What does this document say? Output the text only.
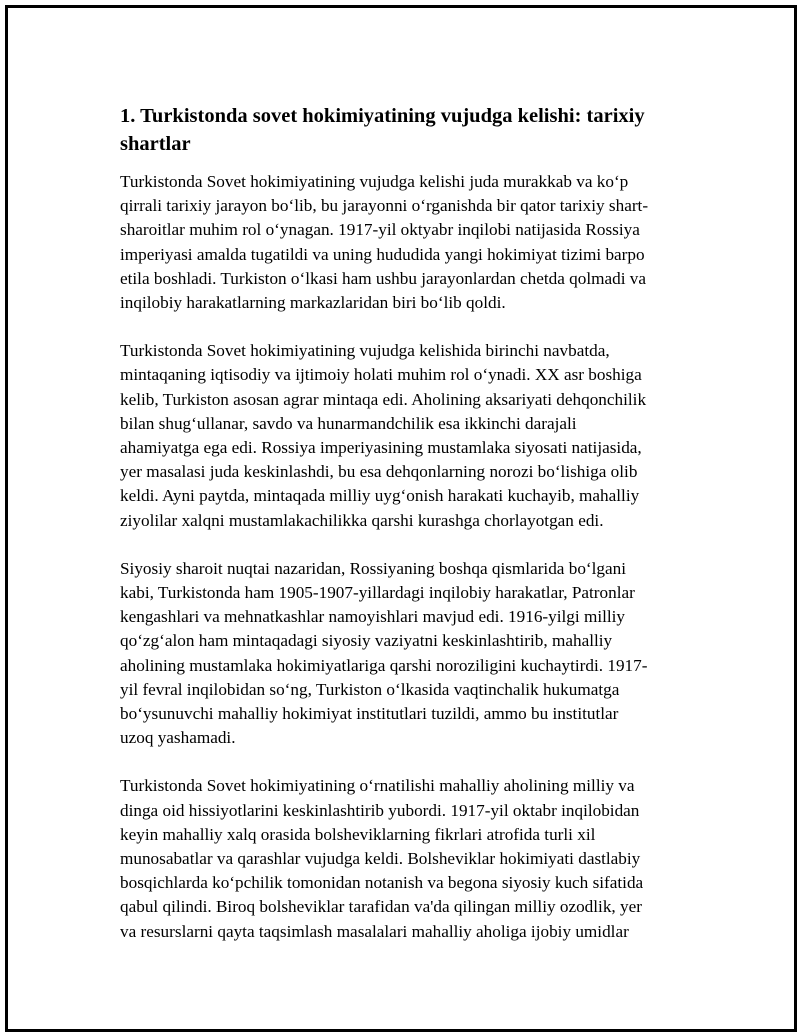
1. Turkistonda sovet hokimiyatining vujudga kelishi: tarixiy
shartlar

Turkistonda Sovet hokimiyatining vujudga kelishi juda murakkab va ko‘p
qirrali tarixiy jarayon bo‘lib, bu jarayonni o‘rganishda bir qator tarixiy shart-
sharoitlar muhim rol o‘ynagan. 1917-yil oktyabr inqilobi natijasida Rossiya
imperiyasi amalda tugatildi va uning hududida yangi hokimiyat tizimi barpo
etila boshladi. Turkiston o‘lkasi ham ushbu jarayonlardan chetda qolmadi va
inqilobiy harakatlarning markazlaridan biri bo‘lib qoldi.

Turkistonda Sovet hokimiyatining vujudga kelishida birinchi navbatda,
mintaqaning iqtisodiy va ijtimoiy holati muhim rol o‘ynadi. XX asr boshiga
kelib, Turkiston asosan agrar mintaqa edi. Aholining aksariyati dehqonchilik
bilan shug‘ullanar, savdo va hunarmandchilik esa ikkinchi darajali
ahamiyatga ega edi. Rossiya imperiyasining mustamlaka siyosati natijasida,
yer masalasi juda keskinlashdi, bu esa dehqonlarning norozi bo‘lishiga olib
keldi. Ayni paytda, mintaqada milliy uyg‘onish harakati kuchayib, mahalliy
ziyolilar xalqni mustamlakachilikka qarshi kurashga chorlayotgan edi.

Siyosiy sharoit nuqtai nazaridan, Rossiyaning boshqa qismlarida bo‘lgani
kabi, Turkistonda ham 1905-1907-yillardagi inqilobiy harakatlar, Patronlar
kengashlari va mehnatkashlar namoyishlari mavjud edi. 1916-yilgi milliy
qo‘zg‘alon ham mintaqadagi siyosiy vaziyatni keskinlashtirib, mahalliy
aholining mustamlaka hokimiyatlariga qarshi noroziligini kuchaytirdi. 1917-
yil fevral inqilobidan so‘ng, Turkiston o‘lkasida vaqtinchalik hukumatga
bo‘ysunuvchi mahalliy hokimiyat institutlari tuzildi, ammo bu institutlar
uzoq yashamadi.

Turkistonda Sovet hokimiyatining o‘rnatilishi mahalliy aholining milliy va
dinga oid hissiyotlarini keskinlashtirib yubordi. 1917-yil oktabr inqilobidan
keyin mahalliy xalq orasida bolsheviklarning fikrlari atrofida turli xil
munosabatlar va qarashlar vujudga keldi. Bolsheviklar hokimiyati dastlabiy
bosqichlarda ko‘pchilik tomonidan notanish va begona siyosiy kuch sifatida
qabul qilindi. Biroq bolsheviklar tarafidan va'da qilingan milliy ozodlik, yer
va resurslarni qayta taqsimlash masalalari mahalliy aholiga ijobiy umidlar
